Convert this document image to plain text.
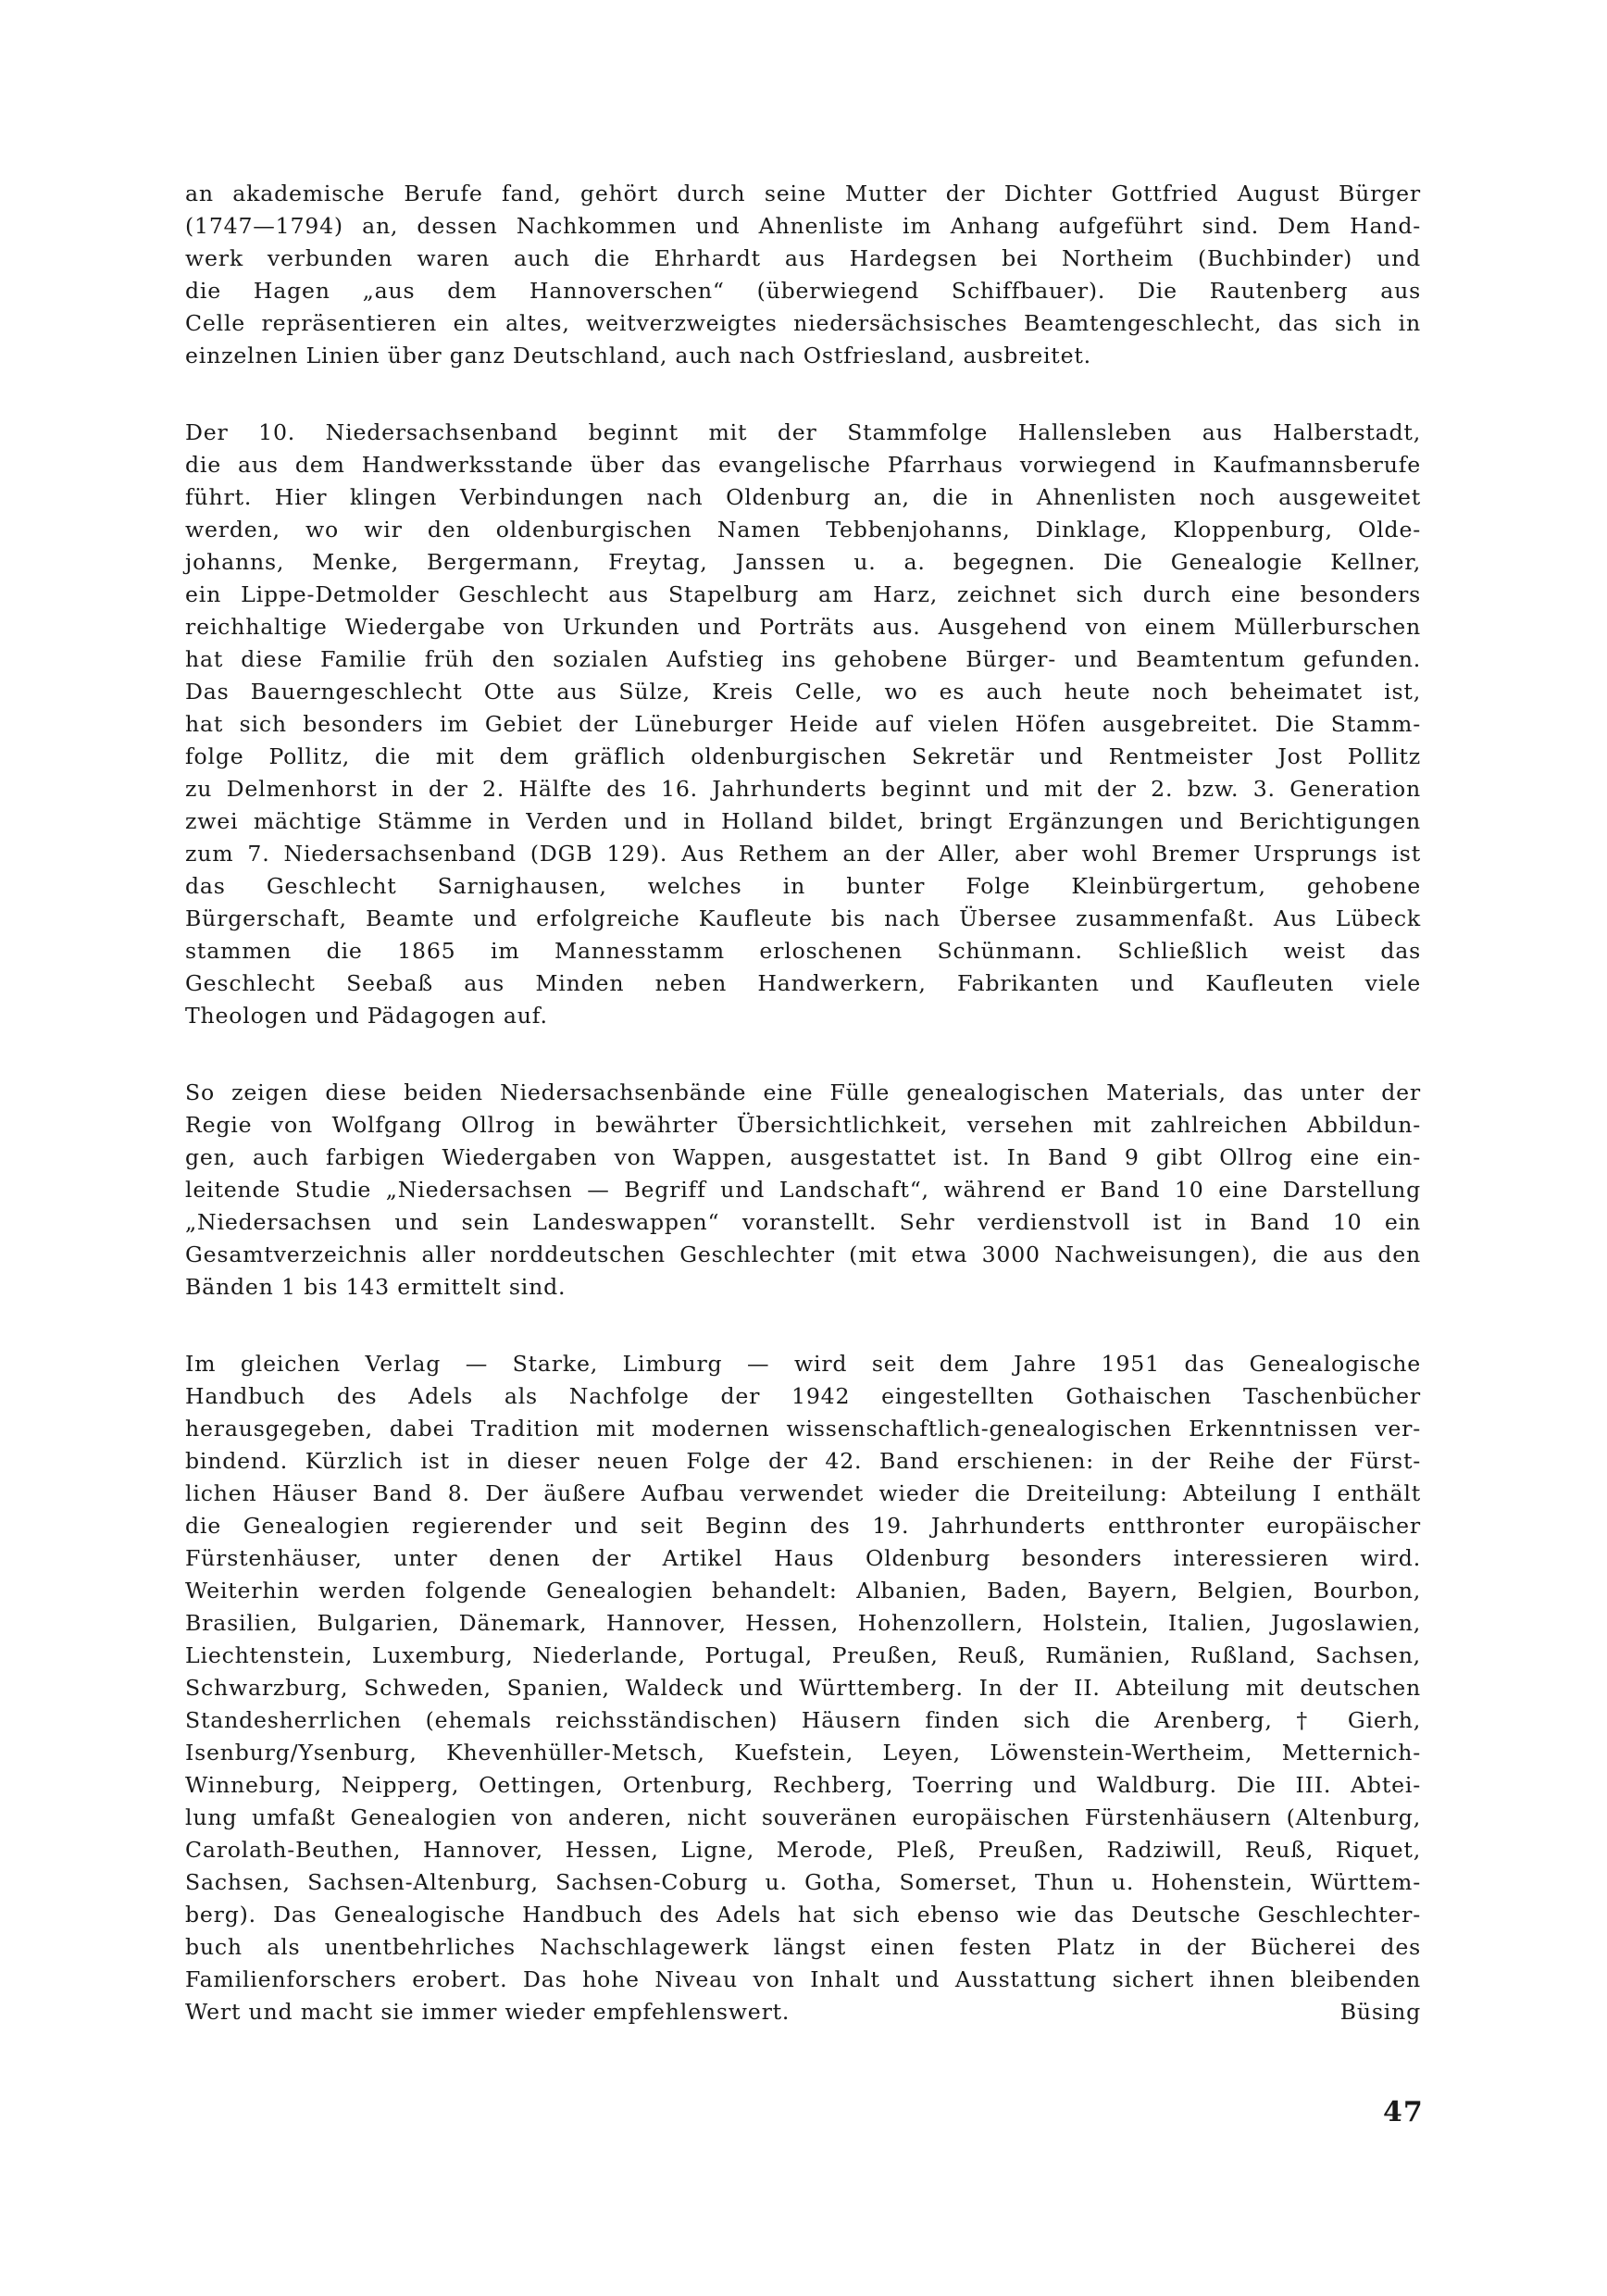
an akademische Berufe fand, gehört durch seine Mutter der Dichter Gottfried August Bürger
(1747—1794) an, dessen Nachkommen und Ahnenliste im Anhang aufgeführt sind. Dem Hand-
werk verbunden waren auch die Ehrhardt aus Hardegsen bei Northeim (Buchbinder) und
die Hagen „aus dem Hannoverschen“ (überwiegend Schiffbauer). Die Rautenberg aus
Celle repräsentieren ein altes, weitverzweigtes niedersächsisches Beamtengeschlecht, das sich in
einzelnen Linien über ganz Deutschland, auch nach Ostfriesland, ausbreitet.
Der 10. Niedersachsenband beginnt mit der Stammfolge Hallensleben aus Halberstadt,
die aus dem Handwerksstande über das evangelische Pfarrhaus vorwiegend in Kaufmannsberufe
führt. Hier klingen Verbindungen nach Oldenburg an, die in Ahnenlisten noch ausgeweitet
werden, wo wir den oldenburgischen Namen Tebbenjohanns, Dinklage, Kloppenburg, Olde-
johanns, Menke, Bergermann, Freytag, Janssen u. a. begegnen. Die Genealogie Kellner,
ein Lippe-Detmolder Geschlecht aus Stapelburg am Harz, zeichnet sich durch eine besonders
reichhaltige Wiedergabe von Urkunden und Porträts aus. Ausgehend von einem Müllerburschen
hat diese Familie früh den sozialen Aufstieg ins gehobene Bürger- und Beamtentum gefunden.
Das Bauerngeschlecht Otte aus Sülze, Kreis Celle, wo es auch heute noch beheimatet ist,
hat sich besonders im Gebiet der Lüneburger Heide auf vielen Höfen ausgebreitet. Die Stamm-
folge Pollitz, die mit dem gräflich oldenburgischen Sekretär und Rentmeister Jost Pollitz
zu Delmenhorst in der 2. Hälfte des 16. Jahrhunderts beginnt und mit der 2. bzw. 3. Generation
zwei mächtige Stämme in Verden und in Holland bildet, bringt Ergänzungen und Berichtigungen
zum 7. Niedersachsenband (DGB 129). Aus Rethem an der Aller, aber wohl Bremer Ursprungs ist
das Geschlecht Sarnighausen, welches in bunter Folge Kleinbürgertum, gehobene
Bürgerschaft, Beamte und erfolgreiche Kaufleute bis nach Übersee zusammenfaßt. Aus Lübeck
stammen die 1865 im Mannesstamm erloschenen Schünmann. Schließlich weist das
Geschlecht Seebaß aus Minden neben Handwerkern, Fabrikanten und Kaufleuten viele
Theologen und Pädagogen auf.
So zeigen diese beiden Niedersachsenbände eine Fülle genealogischen Materials, das unter der
Regie von Wolfgang Ollrog in bewährter Übersichtlichkeit, versehen mit zahlreichen Abbildun-
gen, auch farbigen Wiedergaben von Wappen, ausgestattet ist. In Band 9 gibt Ollrog eine ein-
leitende Studie „Niedersachsen — Begriff und Landschaft“, während er Band 10 eine Darstellung
„Niedersachsen und sein Landeswappen“ voranstellt. Sehr verdienstvoll ist in Band 10 ein
Gesamtverzeichnis aller norddeutschen Geschlechter (mit etwa 3000 Nachweisungen), die aus den
Bänden 1 bis 143 ermittelt sind.
Im gleichen Verlag — Starke, Limburg — wird seit dem Jahre 1951 das Genealogische
Handbuch des Adels als Nachfolge der 1942 eingestellten Gothaischen Taschenbücher
herausgegeben, dabei Tradition mit modernen wissenschaftlich-genealogischen Erkenntnissen ver-
bindend. Kürzlich ist in dieser neuen Folge der 42. Band erschienen: in der Reihe der Fürst-
lichen Häuser Band 8. Der äußere Aufbau verwendet wieder die Dreiteilung: Abteilung I enthält
die Genealogien regierender und seit Beginn des 19. Jahrhunderts entthronter europäischer
Fürstenhäuser, unter denen der Artikel Haus Oldenburg besonders interessieren wird.
Weiterhin werden folgende Genealogien behandelt: Albanien, Baden, Bayern, Belgien, Bourbon,
Brasilien, Bulgarien, Dänemark, Hannover, Hessen, Hohenzollern, Holstein, Italien, Jugoslawien,
Liechtenstein, Luxemburg, Niederlande, Portugal, Preußen, Reuß, Rumänien, Rußland, Sachsen,
Schwarzburg, Schweden, Spanien, Waldeck und Württemberg. In der II. Abteilung mit deutschen
Standesherrlichen (ehemals reichsständischen) Häusern finden sich die Arenberg, † Gierh,
Isenburg/Ysenburg, Khevenhüller-Metsch, Kuefstein, Leyen, Löwenstein-Wertheim, Metternich-
Winneburg, Neipperg, Oettingen, Ortenburg, Rechberg, Toerring und Waldburg. Die III. Abtei-
lung umfaßt Genealogien von anderen, nicht souveränen europäischen Fürstenhäusern (Altenburg,
Carolath-Beuthen, Hannover, Hessen, Ligne, Merode, Pleß, Preußen, Radziwill, Reuß, Riquet,
Sachsen, Sachsen-Altenburg, Sachsen-Coburg u. Gotha, Somerset, Thun u. Hohenstein, Württem-
berg). Das Genealogische Handbuch des Adels hat sich ebenso wie das Deutsche Geschlechter-
buch als unentbehrliches Nachschlagewerk längst einen festen Platz in der Bücherei des
Familienforschers erobert. Das hohe Niveau von Inhalt und Ausstattung sichert ihnen bleibenden
Wert und macht sie immer wieder empfehlenswert.	Büsing
47
